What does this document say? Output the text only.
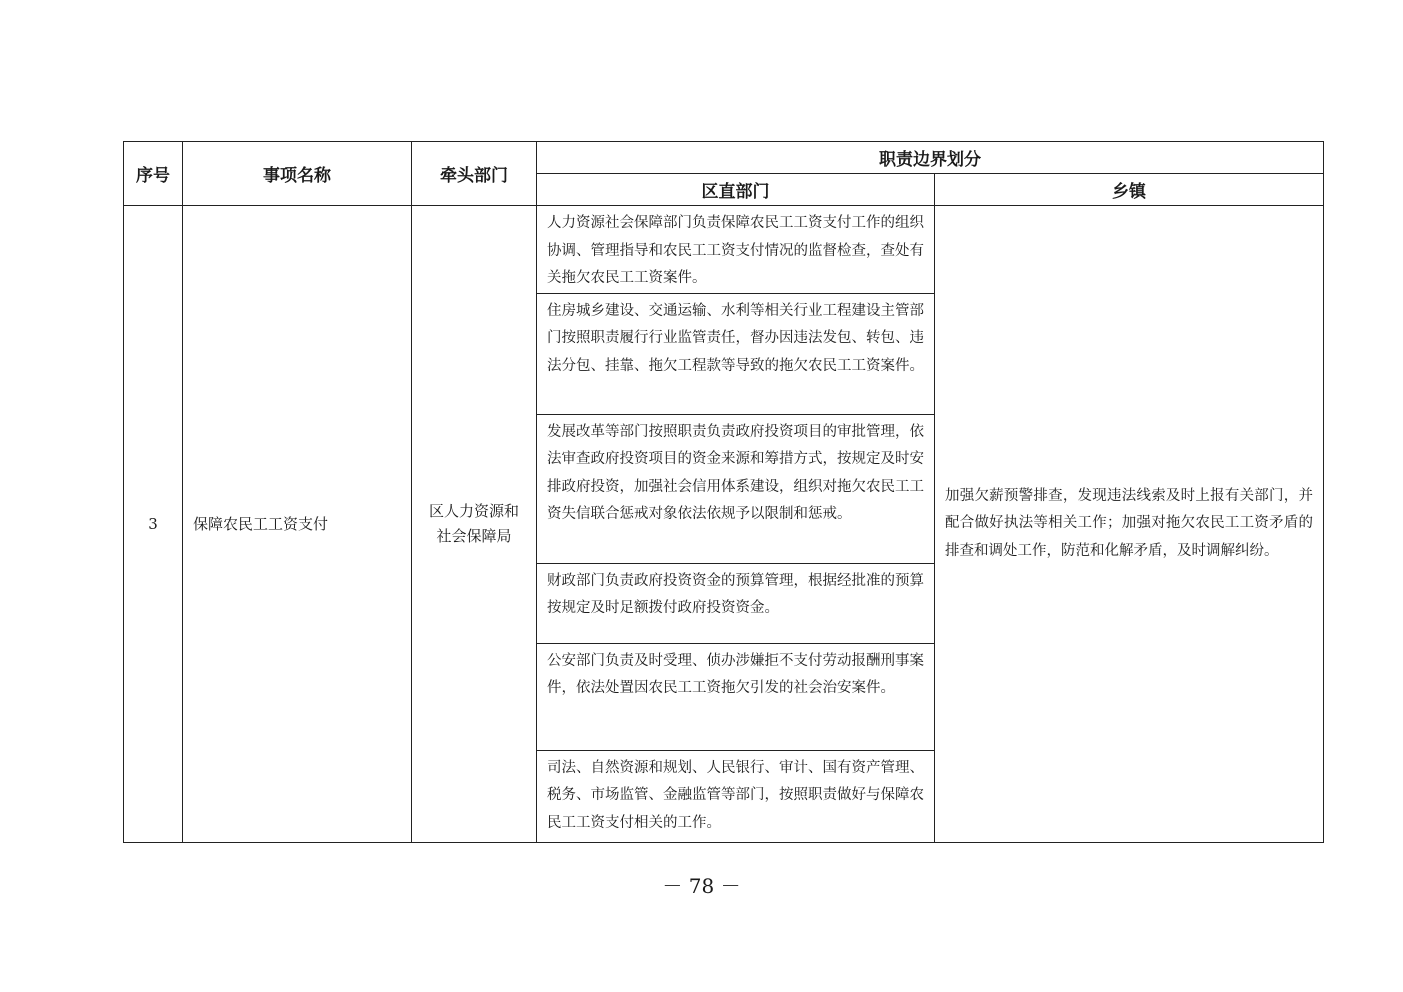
序号	事项名称	牵头部门	职责边界划分	
			区直部门	乡镇
3	保障农民工工资支付	区人力资源和
社会保障局	人力资源社会保障部门负责保障农民工工资支付工作的组织协调、管理指导和农民工工资支付情况的监督检查，查处有关拖欠农民工工资案件。	加强欠薪预警排查，发现违法线索及时上报有关部门，并配合做好执法等相关工作；加强对拖欠农民工工资矛盾的排查和调处工作，防范和化解矛盾，及时调解纠纷。
			住房城乡建设、交通运输、水利等相关行业工程建设主管部门按照职责履行行业监管责任，督办因违法发包、转包、违法分包、挂靠、拖欠工程款等导致的拖欠农民工工资案件。	
			发展改革等部门按照职责负责政府投资项目的审批管理，依法审查政府投资项目的资金来源和筹措方式，按规定及时安排政府投资，加强社会信用体系建设，组织对拖欠农民工工资失信联合惩戒对象依法依规予以限制和惩戒。	
			财政部门负责政府投资资金的预算管理，根据经批准的预算按规定及时足额拨付政府投资资金。	
			公安部门负责及时受理、侦办涉嫌拒不支付劳动报酬刑事案件，依法处置因农民工工资拖欠引发的社会治安案件。	
			司法、自然资源和规划、人民银行、审计、国有资产管理、税务、市场监管、金融监管等部门，按照职责做好与保障农民工工资支付相关的工作。	
－ 78 －
